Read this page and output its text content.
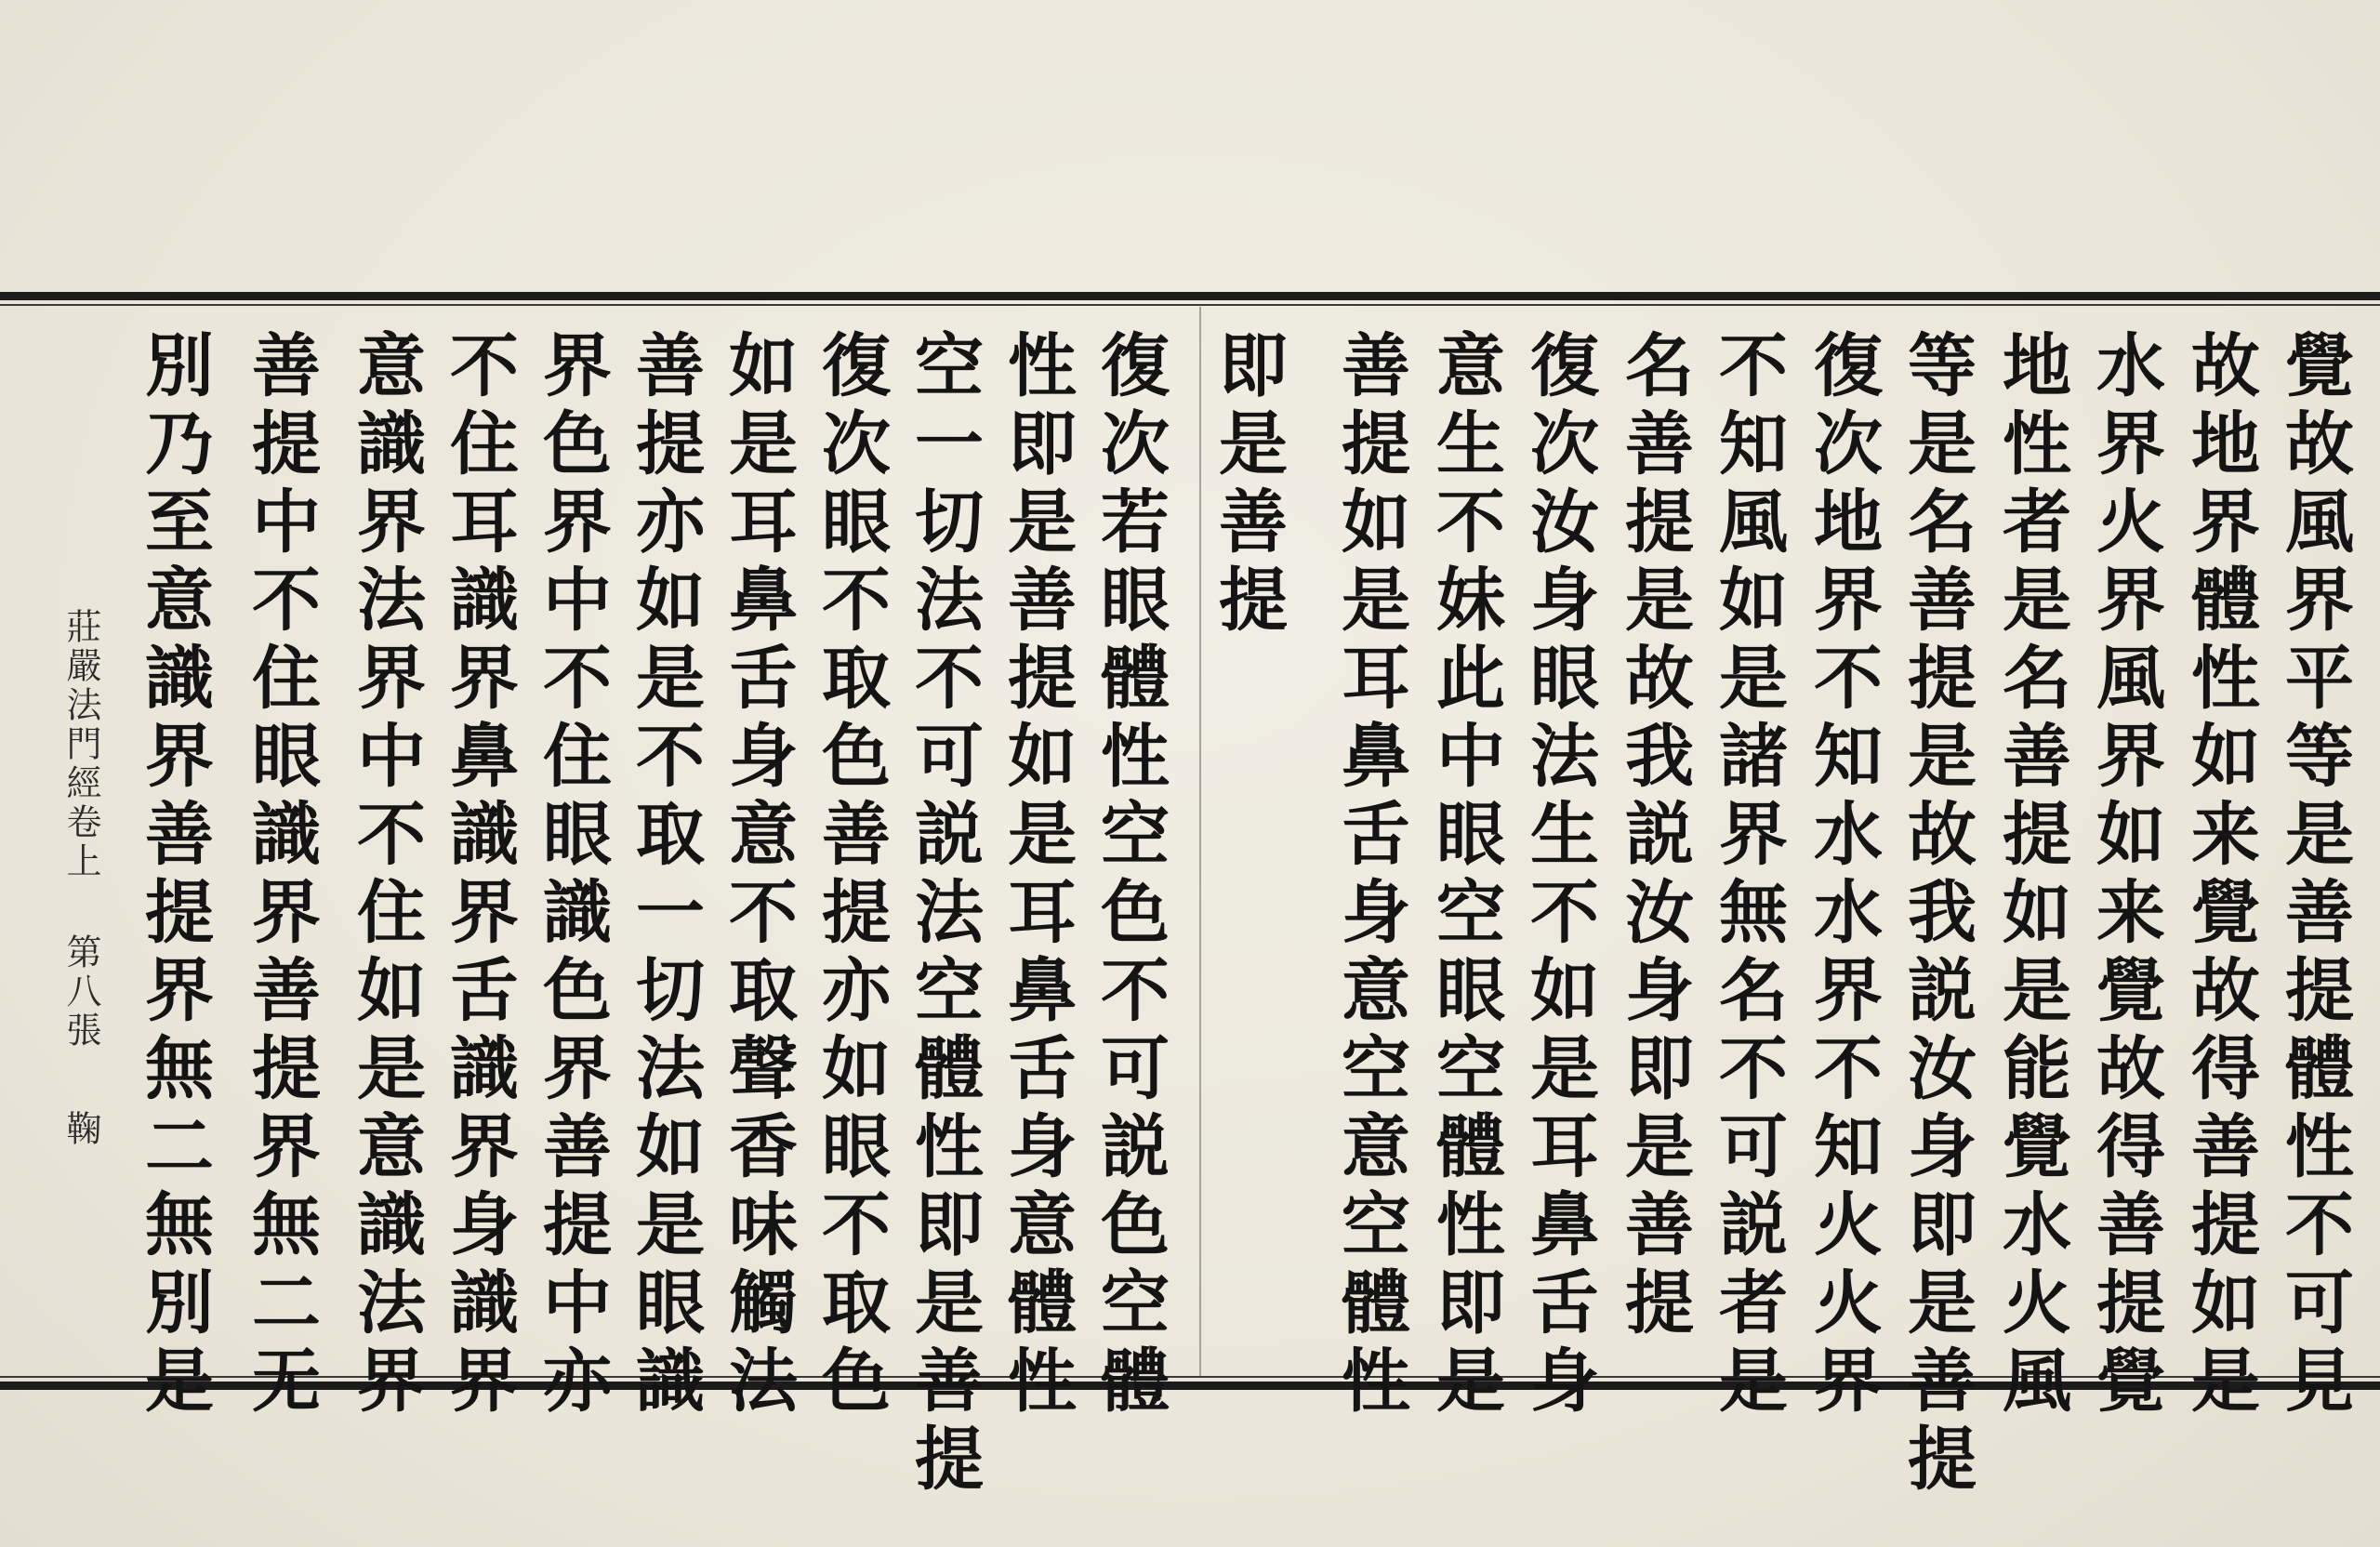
覺故風界平等是善提體性不可見
故地界體性如来覺故得善提如是
水界火界風界如来覺故得善提覺
地性者是名善提如是能覺水火風
等是名善提是故我説汝身即是善提
復次地界不知水水界不知火火界
不知風如是諸界無名不可説者是
名善提是故我説汝身即是善提
復次汝身眼法生不如是耳鼻舌身
意生不妹此中眼空眼空體性即是
善提如是耳鼻舌身意空意空體性
即是善提
復次若眼體性空色不可説色空體
性即是善提如是耳鼻舌身意體性
空一切法不可説法空體性即是善提
復次眼不取色善提亦如眼不取色
如是耳鼻舌身意不取聲香味觸法
善提亦如是不取一切法如是眼識
界色界中不住眼識色界善提中亦
不住耳識界鼻識界舌識界身識界
意識界法界中不住如是意識法界
善提中不住眼識界善提界無二无
莊嚴法門經卷上
第八張
鞠 別乃至意識界善提界無二無別是
